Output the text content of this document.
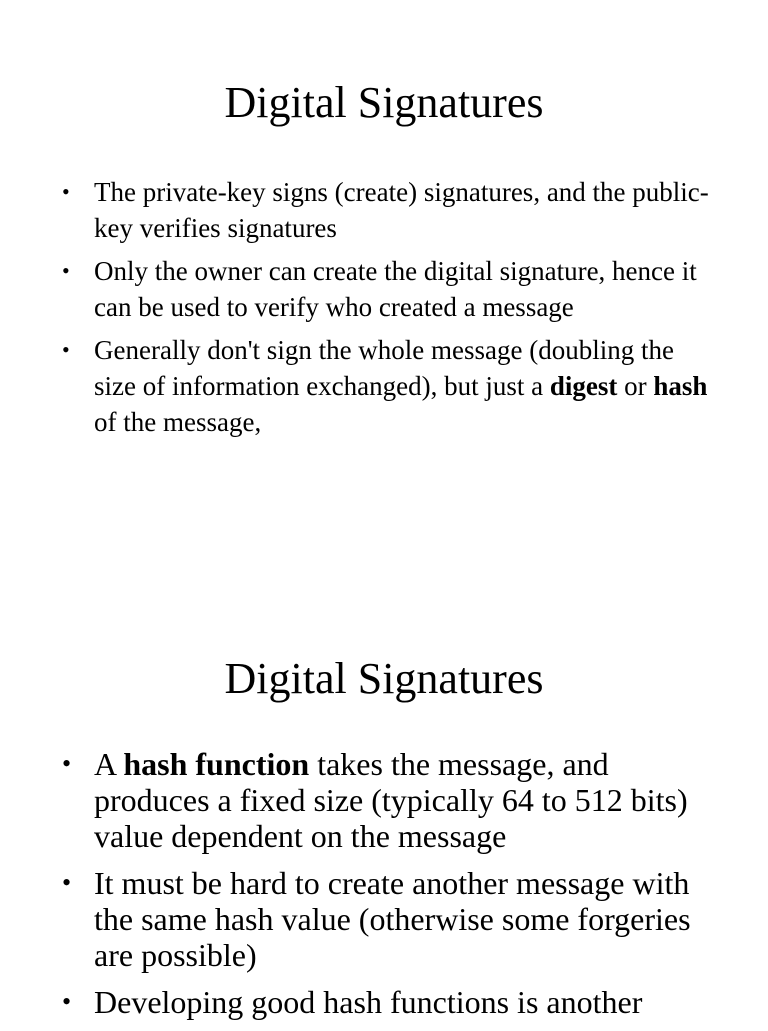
Digital Signatures
• The private-key signs (create) signatures, and the public-key verifies signatures
• Only the owner can create the digital signature, hence it can be used to verify who created a message
• Generally don't sign the whole message (doubling the size of information exchanged), but just a digest or hash of the message,
Digital Signatures
• A hash function takes the message, and produces a fixed size (typically 64 to 512 bits) value dependent on the message
• It must be hard to create another message with the same hash value (otherwise some forgeries are possible)
• Developing good hash functions is another
